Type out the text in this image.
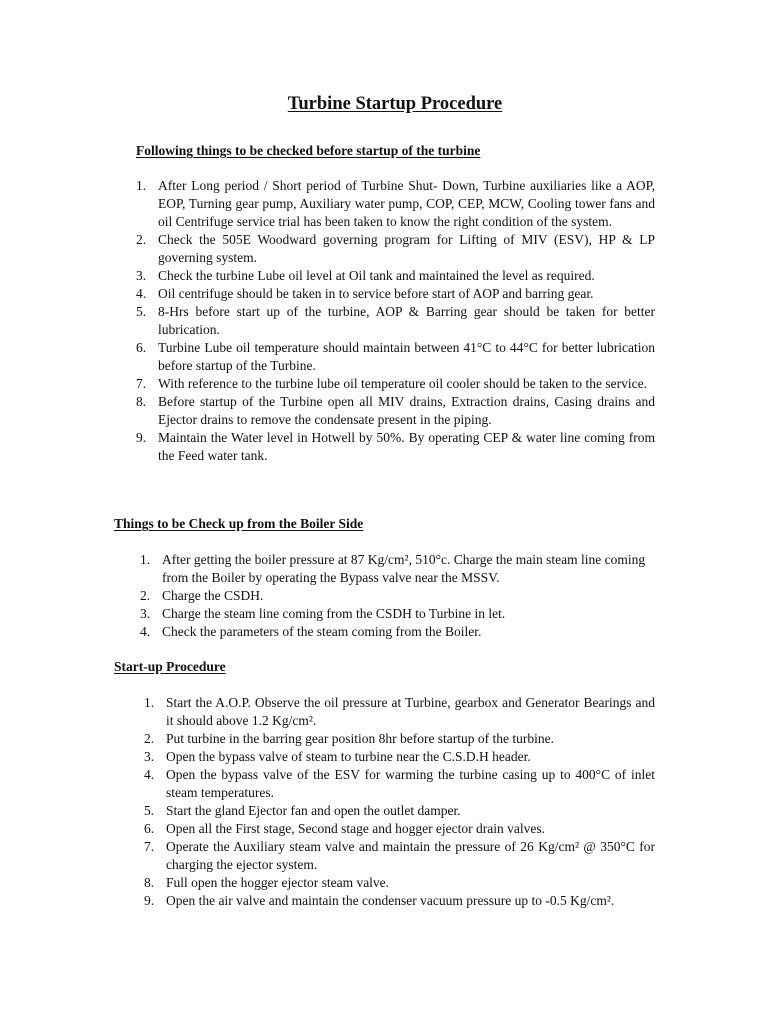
Turbine Startup Procedure
Following things to be checked before startup of the turbine
1. After Long period / Short period of Turbine Shut- Down, Turbine auxiliaries like a AOP, EOP, Turning gear pump, Auxiliary water pump, COP, CEP, MCW, Cooling tower fans and oil Centrifuge service trial has been taken to know the right condition of the system.
2. Check the 505E Woodward governing program for Lifting of MIV (ESV), HP & LP governing system.
3. Check the turbine Lube oil level at Oil tank and maintained the level as required.
4. Oil centrifuge should be taken in to service before start of AOP and barring gear.
5. 8-Hrs before start up of the turbine, AOP & Barring gear should be taken for better lubrication.
6. Turbine Lube oil temperature should maintain between 41°C to 44°C for better lubrication before startup of the Turbine.
7. With reference to the turbine lube oil temperature oil cooler should be taken to the service.
8. Before startup of the Turbine open all MIV drains, Extraction drains, Casing drains and Ejector drains to remove the condensate present in the piping.
9. Maintain the Water level in Hotwell by 50%. By operating CEP & water line coming from the Feed water tank.
Things to be Check up from the Boiler Side
1. After getting the boiler pressure at 87 Kg/cm², 510°c. Charge the main steam line coming from the Boiler by operating the Bypass valve near the MSSV.
2. Charge the CSDH.
3. Charge the steam line coming from the CSDH to Turbine in let.
4. Check the parameters of the steam coming from the Boiler.
Start-up Procedure
1. Start the A.O.P. Observe the oil pressure at Turbine, gearbox and Generator Bearings and it should above 1.2 Kg/cm².
2. Put turbine in the barring gear position 8hr before startup of the turbine.
3. Open the bypass valve of steam to turbine near the C.S.D.H header.
4. Open the bypass valve of the ESV for warming the turbine casing up to 400°C of inlet steam temperatures.
5. Start the gland Ejector fan and open the outlet damper.
6. Open all the First stage, Second stage and hogger ejector drain valves.
7. Operate the Auxiliary steam valve and maintain the pressure of 26 Kg/cm² @ 350°C for charging the ejector system.
8. Full open the hogger ejector steam valve.
9. Open the air valve and maintain the condenser vacuum pressure up to -0.5 Kg/cm².
